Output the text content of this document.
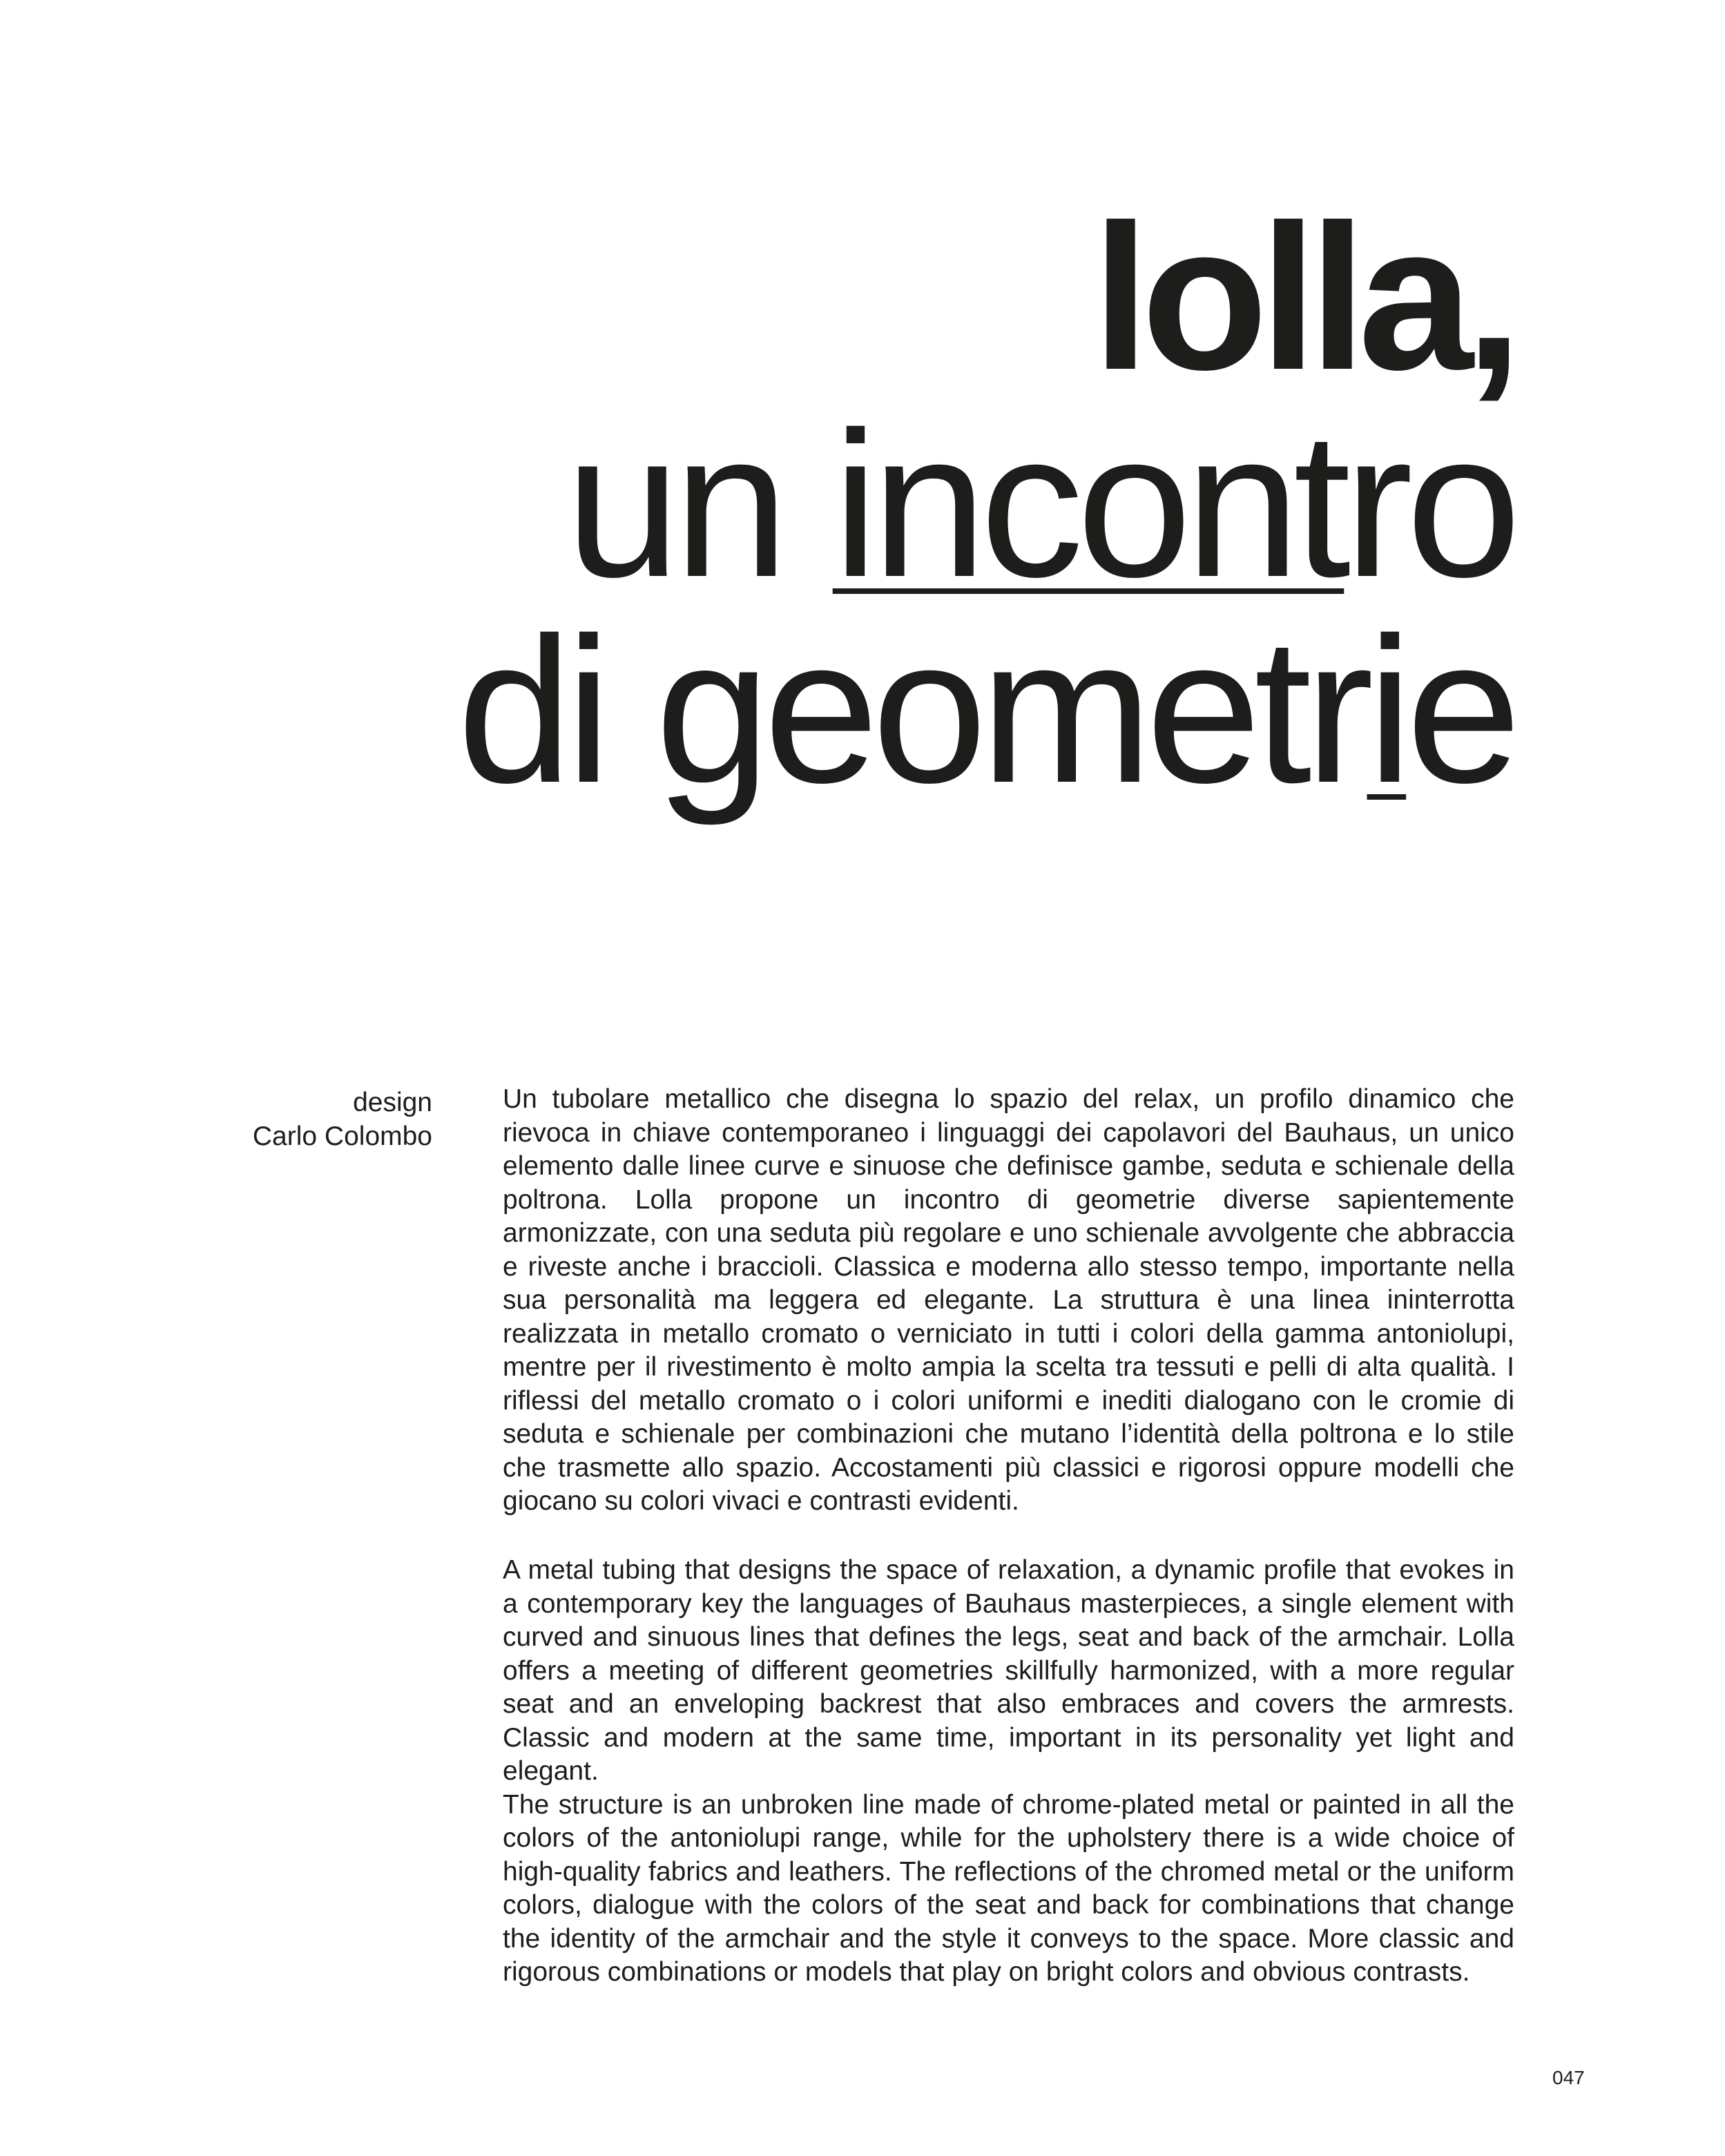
lolla,
un incontro
di geometrie
design
Carlo Colombo

Un tubolare metallico che disegna lo spazio del relax, un profilo dinamico che rievoca in chiave contemporaneo i linguaggi dei capolavori del Bauhaus, un unico elemento dalle linee curve e sinuose che definisce gambe, seduta e schienale della poltrona. Lolla propone un incontro di geometrie diverse sapientemente armonizzate, con una seduta più regolare e uno schienale avvolgente che abbraccia e riveste anche i braccioli. Classica e moderna allo stesso tempo, importante nella sua personalità ma leggera ed elegante. La struttura è una linea ininterrotta realizzata in metallo cromato o verniciato in tutti i colori della gamma antoniolupi, mentre per il rivestimento è molto ampia la scelta tra tessuti e pelli di alta qualità. I riflessi del metallo cromato o i colori uniformi e inediti dialogano con le cromie di seduta e schienale per combinazioni che mutano l’identità della poltrona e lo stile che trasmette allo spazio. Accostamenti più classici e rigorosi oppure modelli che giocano su colori vivaci e contrasti evidenti.

A metal tubing that designs the space of relaxation, a dynamic profile that evokes in a contemporary key the languages of Bauhaus masterpieces, a single element with curved and sinuous lines that defines the legs, seat and back of the armchair. Lolla offers a meeting of different geometries skillfully harmonized, with a more regular seat and an enveloping backrest that also embraces and covers the armrests. Classic and modern at the same time, important in its personality yet light and elegant.

The structure is an unbroken line made of chrome-plated metal or painted in all the colors of the antoniolupi range, while for the upholstery there is a wide choice of high-quality fabrics and leathers. The reflections of the chromed metal or the uniform colors, dialogue with the colors of the seat and back for combinations that change the identity of the armchair and the style it conveys to the space. More classic and rigorous combinations or models that play on bright colors and obvious contrasts.

047
